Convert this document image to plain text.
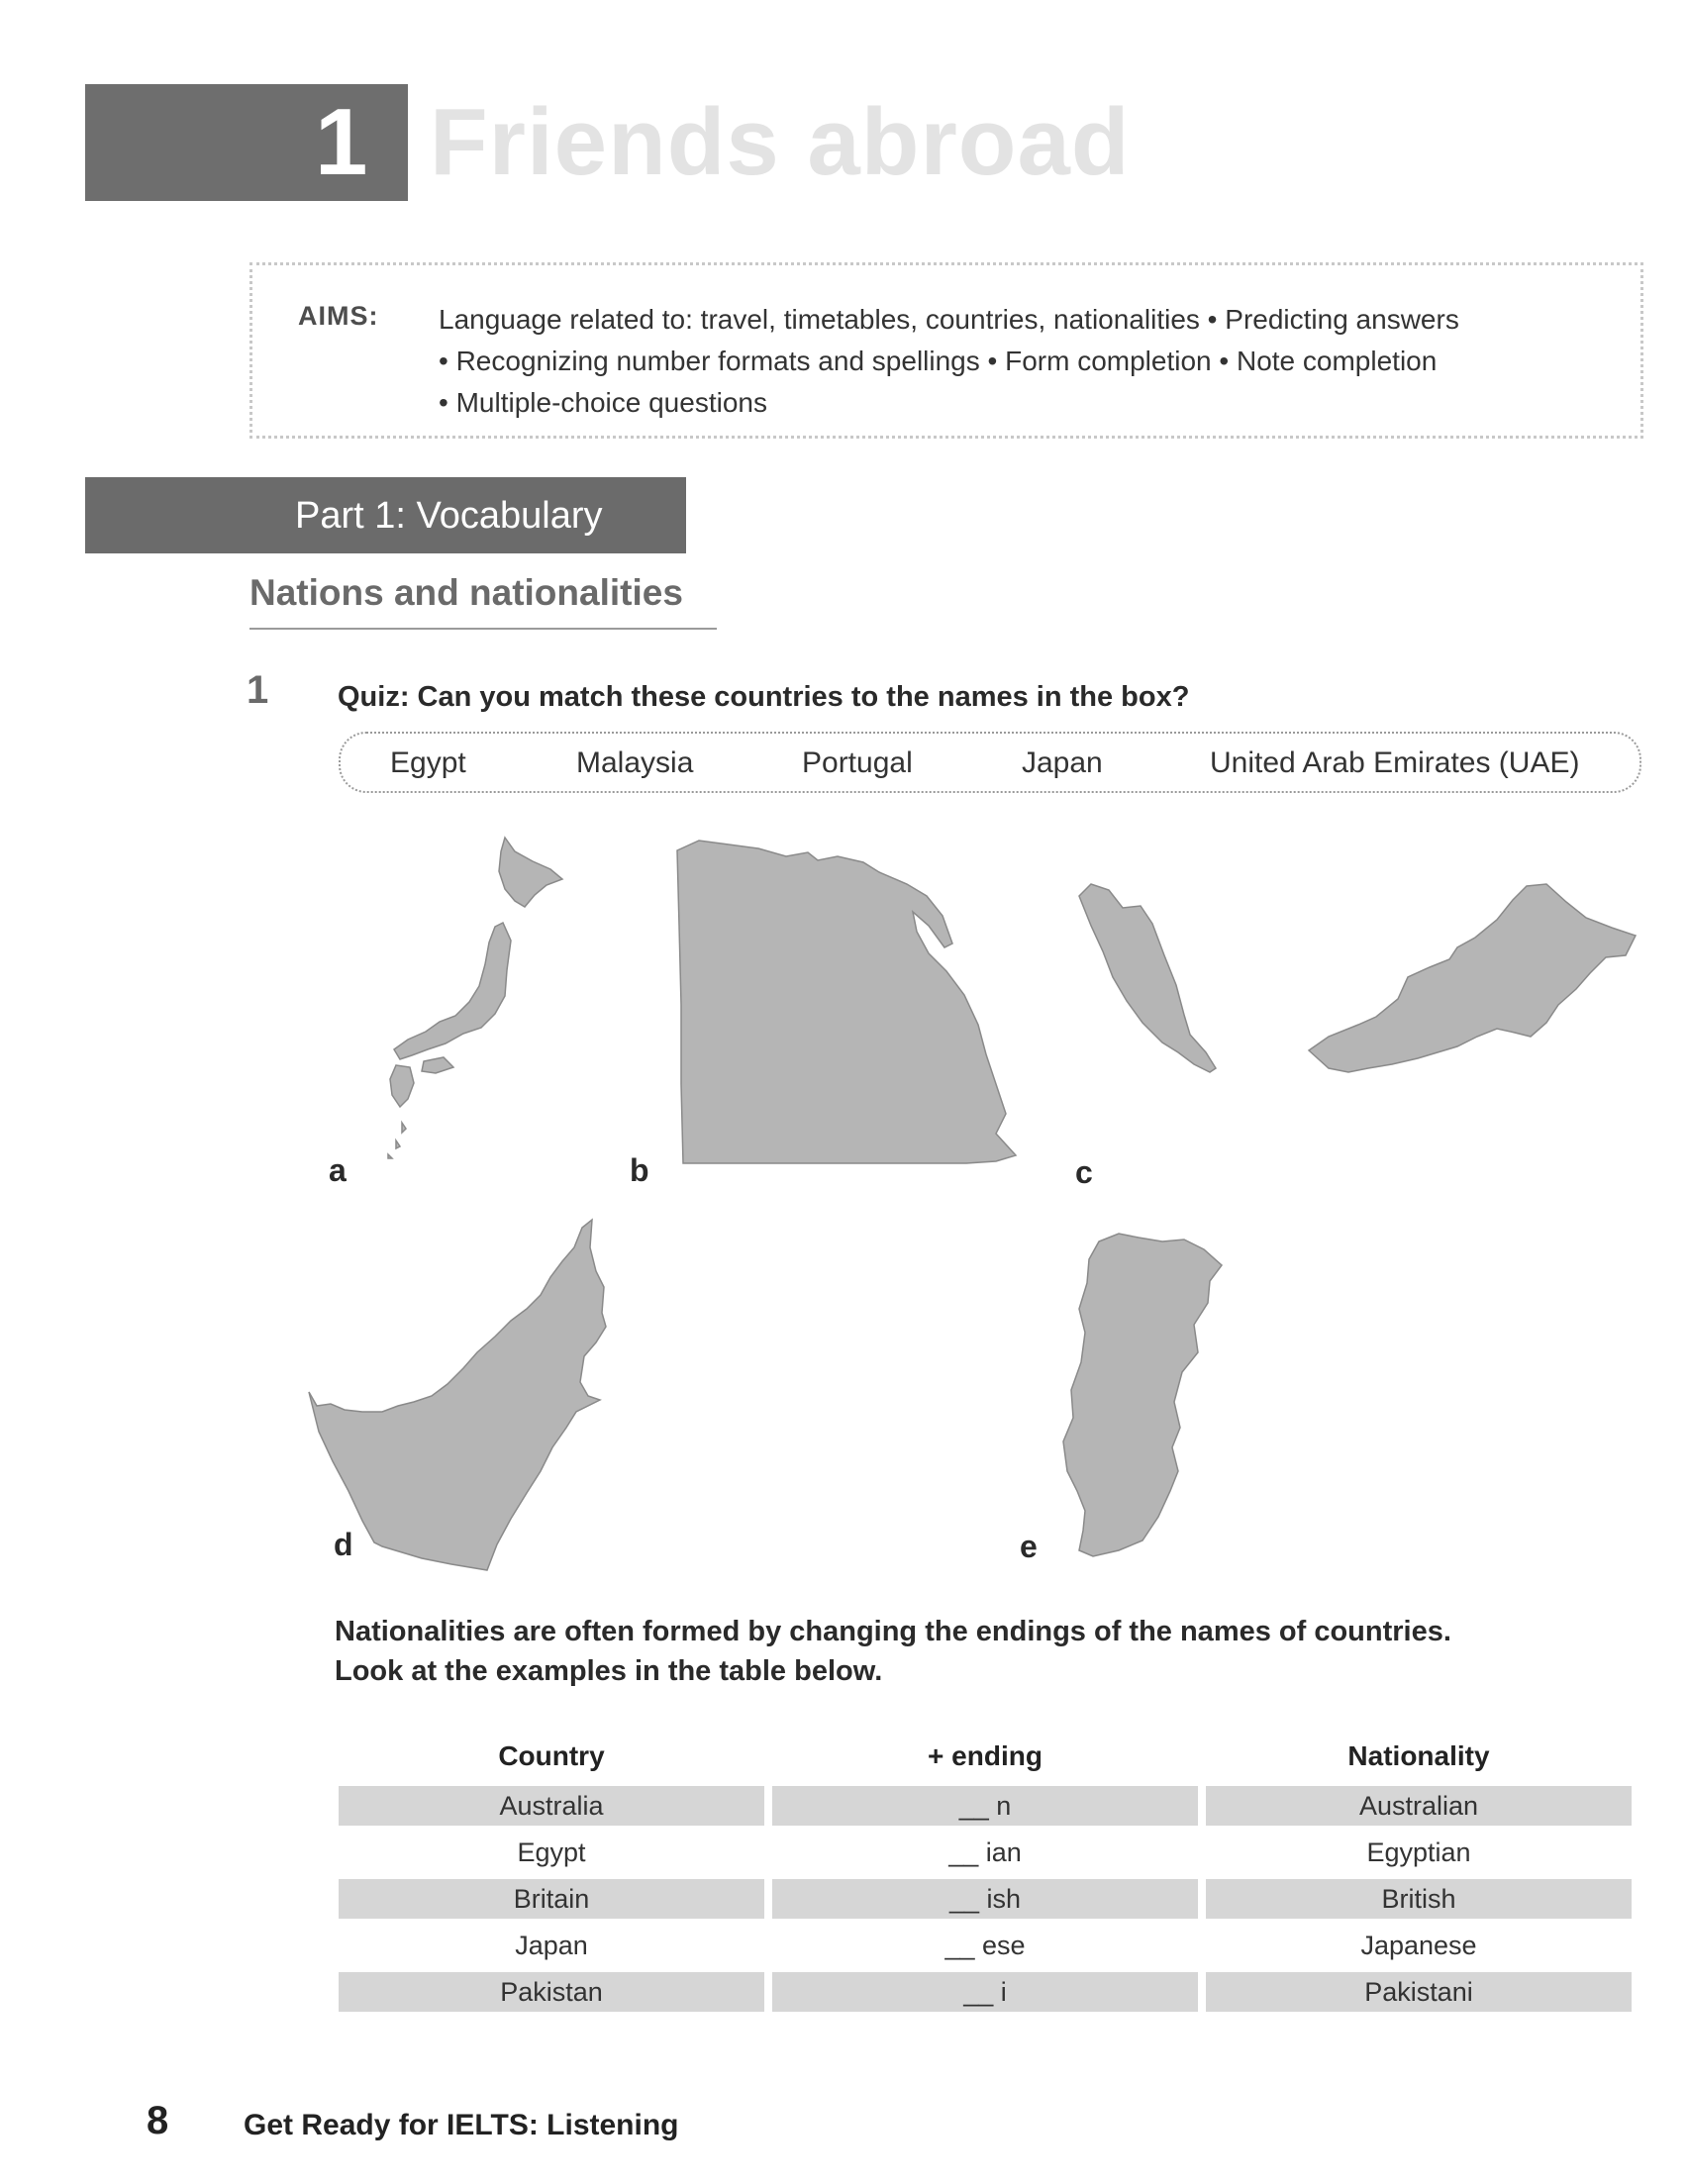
1 Friends abroad
AIMS: Language related to: travel, timetables, countries, nationalities • Predicting answers
• Recognizing number formats and spellings • Form completion • Note completion
• Multiple-choice questions
Part 1: Vocabulary
Nations and nationalities
1 Quiz: Can you match these countries to the names in the box?
Egypt	Malaysia	Portugal	Japan	United Arab Emirates (UAE)
a	b	c
d	e
Nationalities are often formed by changing the endings of the names of countries.
Look at the examples in the table below.
Country	+ ending	Nationality
Australia	__ n	Australian
Egypt	__ ian	Egyptian
Britain	__ ish	British
Japan	__ ese	Japanese
Pakistan	__ i	Pakistani
8	Get Ready for IELTS: Listening
